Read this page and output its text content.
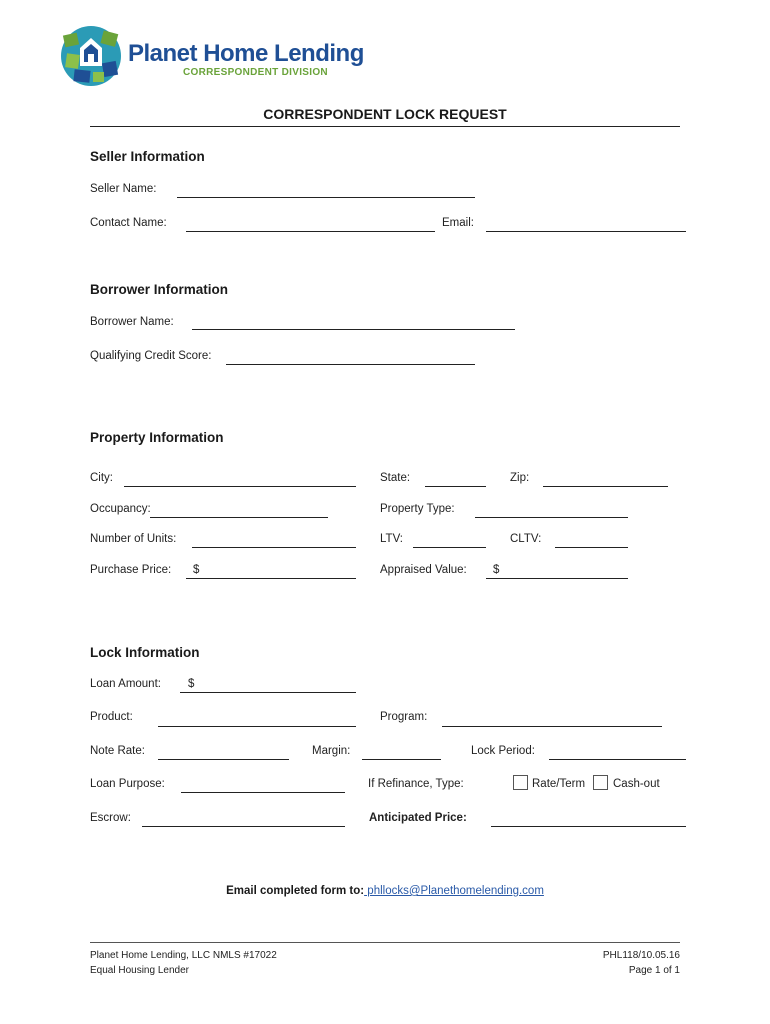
Planet Home Lending
CORRESPONDENT DIVISION
CORRESPONDENT LOCK REQUEST
Seller Information
Seller Name:
Contact Name:	Email:
Borrower Information
Borrower Name:
Qualifying Credit Score:
Property Information
City:	State:	Zip:
Occupancy:	Property Type:
Number of Units:	LTV:	CLTV:
Purchase Price: $	Appraised Value: $
Lock Information
Loan Amount: $
Product:	Program:
Note Rate:	Margin:	Lock Period:
Loan Purpose:	If Refinance, Type:	Rate/Term Cash-out
Escrow:	Anticipated Price:
Email completed form to: phllocks@Planethomelending.com
Planet Home Lending, LLC NMLS #17022
Equal Housing Lender
PHL118/10.05.16
Page 1 of 1
